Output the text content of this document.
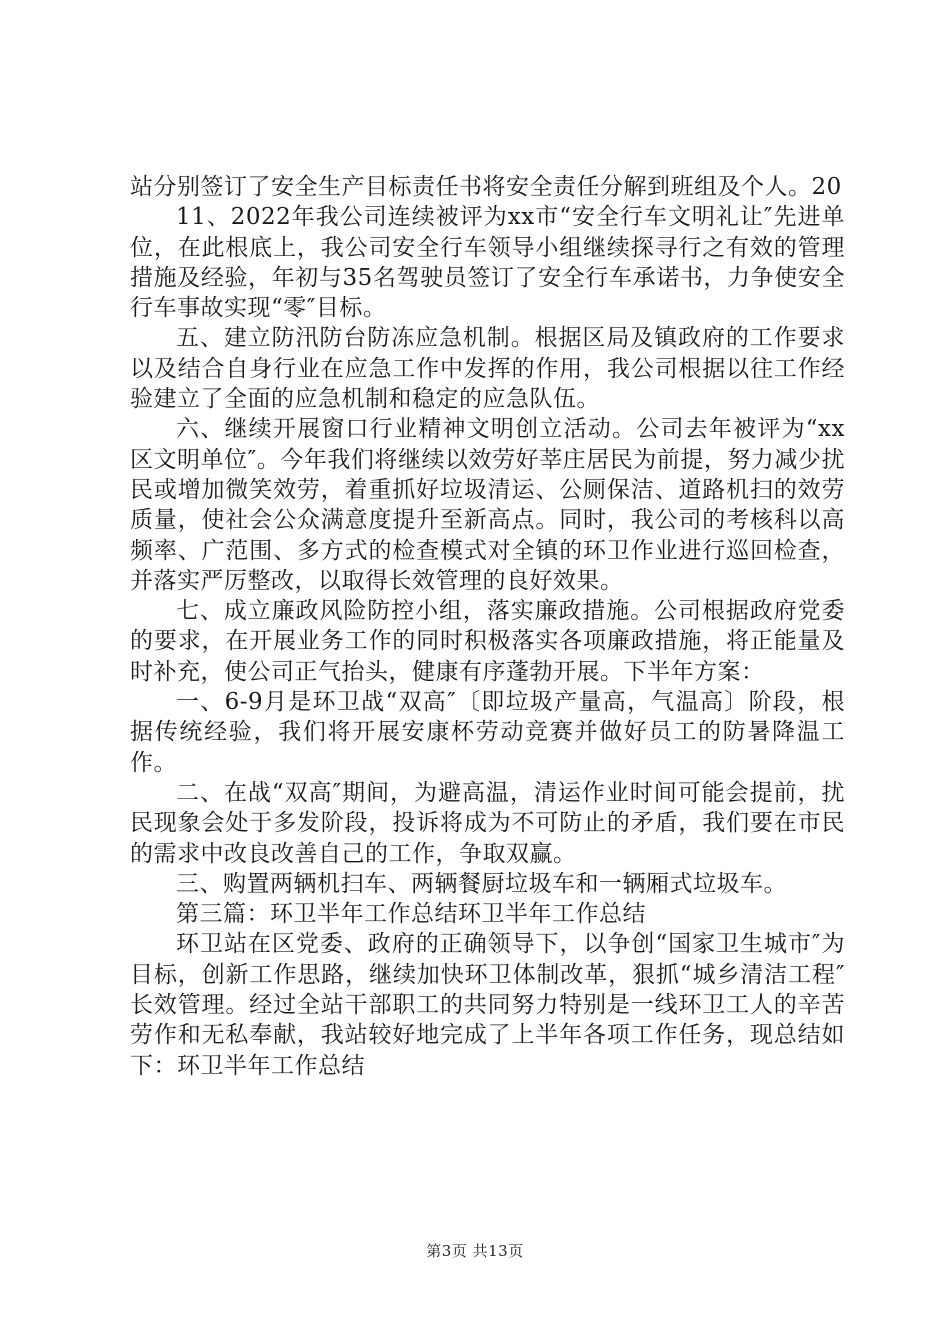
站分别签订了安全生产目标责任书将安全责任分解到班组及个人。20

11、2022年我公司连续被评为xx市“安全行车文明礼让″先进单位，在此根底上，我公司安全行车领导小组继续探寻行之有效的管理措施及经验，年初与35名驾驶员签订了安全行车承诺书，力争使安全行车事故实现“零″目标。

五、建立防汛防台防冻应急机制。根据区局及镇政府的工作要求以及结合自身行业在应急工作中发挥的作用，我公司根据以往工作经验建立了全面的应急机制和稳定的应急队伍。

六、继续开展窗口行业精神文明创立活动。公司去年被评为“xx区文明单位″。今年我们将继续以效劳好莘庄居民为前提，努力减少扰民或增加微笑效劳，着重抓好垃圾清运、公厕保洁、道路机扫的效劳质量，使社会公众满意度提升至新高点。同时，我公司的考核科以高频率、广范围、多方式的检查模式对全镇的环卫作业进行巡回检查，并落实严厉整改，以取得长效管理的良好效果。

七、成立廉政风险防控小组，落实廉政措施。公司根据政府党委的要求，在开展业务工作的同时积极落实各项廉政措施，将正能量及时补充，使公司正气抬头，健康有序蓬勃开展。下半年方案：

一、6-9月是环卫战“双高″〔即垃圾产量高，气温高〕阶段，根据传统经验，我们将开展安康杯劳动竞赛并做好员工的防暑降温工作。

二、在战“双高″期间，为避高温，清运作业时间可能会提前，扰民现象会处于多发阶段，投诉将成为不可防止的矛盾，我们要在市民的需求中改良改善自己的工作，争取双赢。

三、购置两辆机扫车、两辆餐厨垃圾车和一辆厢式垃圾车。

第三篇：环卫半年工作总结环卫半年工作总结

环卫站在区党委、政府的正确领导下，以争创“国家卫生城市″为目标，创新工作思路，继续加快环卫体制改革，狠抓“城乡清洁工程″长效管理。经过全站干部职工的共同努力特别是一线环卫工人的辛苦劳作和无私奉献，我站较好地完成了上半年各项工作任务，现总结如下：环卫半年工作总结

第3页 共13页
